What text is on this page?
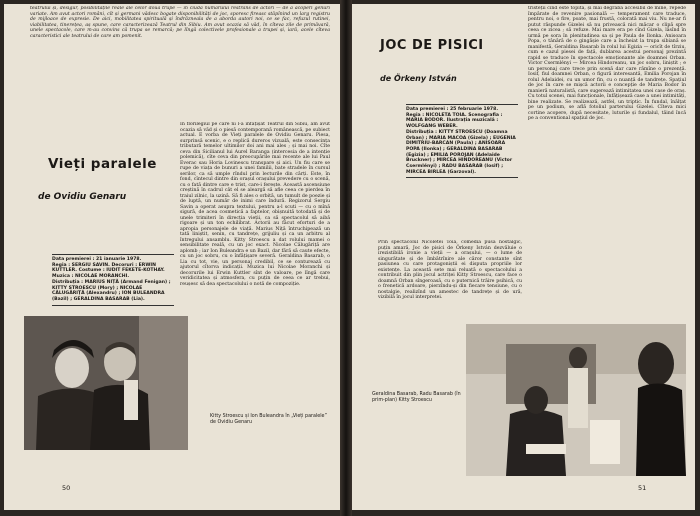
teatrului și, desigur, posibilitățile reale ale celor două trupe — în ciuda numărului restrâns de actori — de a acoperi genuri variate. Am avut actori români, cît și germani vădesc bogate disponibilități de joc, sporesc fireasc stăpînind un larg registru de mijloace de expresie. De aici, mobilitatea spirituală și îndrăzneala de a aborda autori noi, ce se fac, refuzul rutinei, viabilitatea, tinerețea, aș spune, care caracterizează Teatrul din Sibiu. Am avut ocazia să văd, în cîteva zile de primăvară, unele spectacole, care m-au convins că trupa se remarcă; pe lîngă colectivele profesionale a trupei și, iară, acele cîteva caracteristici ale teatrului de care am pomenit.
Vieți paralele
de Ovidiu Genaru

Data premierei : 21 ianuarie 1978.

Regia : SERGIU SAVIN. Decoruri : ERWIN KUTTLER. Costume : IUDIT FEKETE-KOTHAY. Muzica : NICOLAE MORANCHI.

Distribuția : MARIUS NIȚĂ (Armand Fenigan) ; KITTY STROESCU (Mory) ; NICOLAE CĂLUGĂRIȚĂ (Alexandru) ; ION BULEANDRA (Bazil) ; GERALDINA BASARAB (Lia).

În florilegiul pe care ni l-a înfățișat Teatrul din Sibiu, am avut ocazia să văd și o piesă contemporană românească, pe subiect actual. E vorba de Vieți paralele de Ovidiu Genaru. Piesa, surprinsă scenic, e o replică dureros vizuală, este consecința tributară temelor ultimilor doi ani mai ales ; și mai noi. Cîte ceva din Sicilianul lui Aurel Baranga (intercesia de a intenție polemică), cîte ceva din preocupările mai recente ale lui Paul Everac sau Horia Lovinescu transpare și aici. Un fiu care se rupe de viața de bunuri a unei familii, bate stradele în cursul serilor, ca să umple rîndul prin lecturile din cărți. Este, în fond, cîntecul dintre din orașul orașului prevedere cu o scenă, cu o fată dintre care e trist, care-i ferește. Această ascensiune creștină în cadrul cât el se aleargă să afle ceea ce pierdea în traiul zilnic, la uzină. Să fi ales o orbită, un tumult de poezie și de luptă, un număr de inimi care îndură. Regizorul Sergiu Savin a operat asupra textului, pentru a-l scuti — cu o mînă sigură, de acea cosmetică a faptelor, obișnuită totodată și de unele trimiteri în direcția vieții, ca să spectacolul să aibă rigoare și un ton echilibrat. Actorii au făcut eforturi de a apropia personajele de viață. Marius Niță întruchipează un tată liniștit, senin, cu tandrețe, grijuliu și ca un arbitru al întregului ansamblu. Kitty Stroescu a dat rolului mamei o sensibilitate reală, cu un joc exact. Nicolae Călugăriță are aplomb ; iar Ion Buleandra e un Bazil, dar fără să caute efecte, cu un joc sobru, cu o înfățișare severă. Geraldina Basarab, o Lia cu tot, vie, un personaj credibil, ce se conturează cu ajutorul cîtorva indicații. Muzica lui Nicolae Moranchi și decorurile lui Erwin Kuttler sînt de valoare, pe lîngă care veridicitatea și atmosfera, cu puțin de ceea ce ar trebui, reușesc să dea spectacolului o notă de compoziție.
Kitty Stroescu și Ion Buleandra în „Vieți paralele” de Ovidiu Genaru
50
JOC DE PISICI
de Örkeny István

Data premierei : 25 februarie 1978.

Regia : NICOLETA TOIA. Scenografia : MARIA BODOR. Ilustrația muzicală : WOLFGANG WEBER.

Distribuția : KITTY STROESCU (Doamna Orban) ; MARIA MACOA (Gizela) ; EUGENIA DIMITRIU-BARCAN (Paula) ; ANISOARA POPA (Ilonka) ; GERALDINA BASARAB (Egizia) ; EMILIA POROJAN (Adelaide Bruckner) ; MIRCEA HINDOREANU (Victor Csermlényi) ; RADU BASARAB (Iosif) ; MIRCEA BIRLEA (Garzoval).

Prin spectacolul Nicoletei Toia, comedia pusă nostalgic, puțin amară, Joc de pisici de Örkeny István dezvăluie o irezistibilă ironie a vieții — a orașului, — o lume de singurătate și de îmbătrînire ale căror constante sînt pasiunea cu care protagoniștii ei disputa propriile lor existențe. La această sete mai reluată o spectacolului a contribuit din plin jocul actriței Kitty Stroescu, care face o doamnă Orban sîngeroasă, cu o puternică trăire psihică, cu o frenetică ardoare, pierzîndu-și din fiecare tensiune, cu o nostalgie, realizînd un amestec de tandrețe și de ură, vizibilă în jocul interpretei.
tristeții cînd este topită, și mai degrabă accesibil de mine, repede împărate de revenire pasională — temperament care traduce, pentru noi, o fire, poate, mai frustă, colorată mai viu. Nu ne-ar fi putut răspunde Gizelei să nu privească nici măcar o clipă spre ceea ce zicea ; să refuze. Mai mare era pe cînd Gizela, lăsînd în urmă pe sora în plenitudinea sa și pe Paula de Ilonka. Anisoara Popa, o tânără de o gingășie care a încheiat la trupa sibiană se manifestă, Geraldina Basarab în rolul lui Egizia — oricît de tîrziu, cum e cazul piesei de față, dublarea acestui personaj prezintă rapid se traduce în spectacole emoționante ale doamnei Orban. Victor Csermlényi — Mircea Hindoreanu, un joc sobru, liniștit ; e un personaj care trece prin scenă dar care rămîne o prezență. Iosif, fiul doamnei Orban, o figură interesantă, Emilia Porojan în rolul Adelaidei, cu un umor fin, cu o nuanță de tandrețe. Spațiul de joc în care se mișcă actorii e concepție de Maria Bodor în manieră naturalistă, care sugerează intimitatea unei case de oraș. Cu totul scenei, mai funcționale, înfățișează case a unei intimități, bine realizate. Se realizează, astfel, un triptic. În fundal, înălțat pe un podium, se află fotoliul parterului Gizelei. Cîteva mici cortine acopere, după necesitate, luturile și fundalul, tăind încă pe a conventional spațiul de joc.
Geraldina Basarab, Radu Basarab (în prim-plan) Kitty Stroescu
51
